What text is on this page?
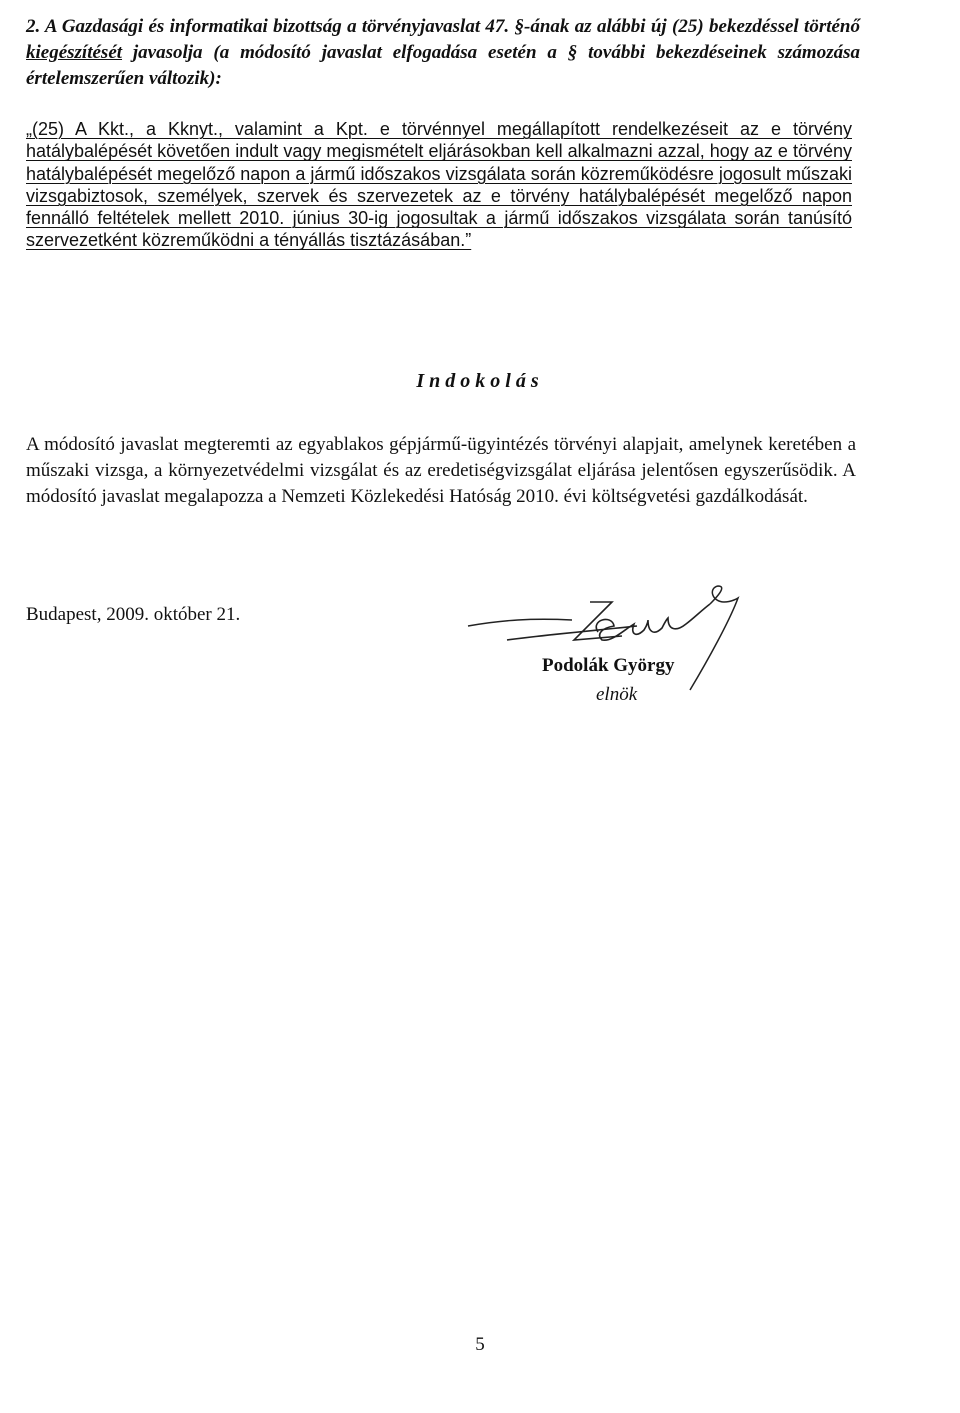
2. A Gazdasági és informatikai bizottság a törvényjavaslat 47. §-ának az alábbi új (25) bekezdéssel történő kiegészítését javasolja (a módosító javaslat elfogadása esetén a § további bekezdéseinek számozása értelemszerűen változik):
„(25) A Kkt., a Kknyt., valamint a Kpt. e törvénnyel megállapított rendelkezéseit az e törvény hatálybalépését követően indult vagy megismételt eljárásokban kell alkalmazni azzal, hogy az e törvény hatálybalépését megelőző napon a jármű időszakos vizsgálata során közreműködésre jogosult műszaki vizsgabiztosok, személyek, szervek és szervezetek az e törvény hatálybalépését megelőző napon fennálló feltételek mellett 2010. június 30-ig jogosultak a jármű időszakos vizsgálata során tanúsító szervezetként közreműködni a tényállás tisztázásában.”
Indokolás
A módosító javaslat megteremti az egyablakos gépjármű-ügyintézés törvényi alapjait, amelynek keretében a műszaki vizsga, a környezetvédelmi vizsgálat és az eredetiségvizsgálat eljárása jelentősen egyszerűsödik. A módosító javaslat megalapozza a Nemzeti Közlekedési Hatóság 2010. évi költségvetési gazdálkodását.
Budapest, 2009. október 21.
Podolák György
elnök
5
